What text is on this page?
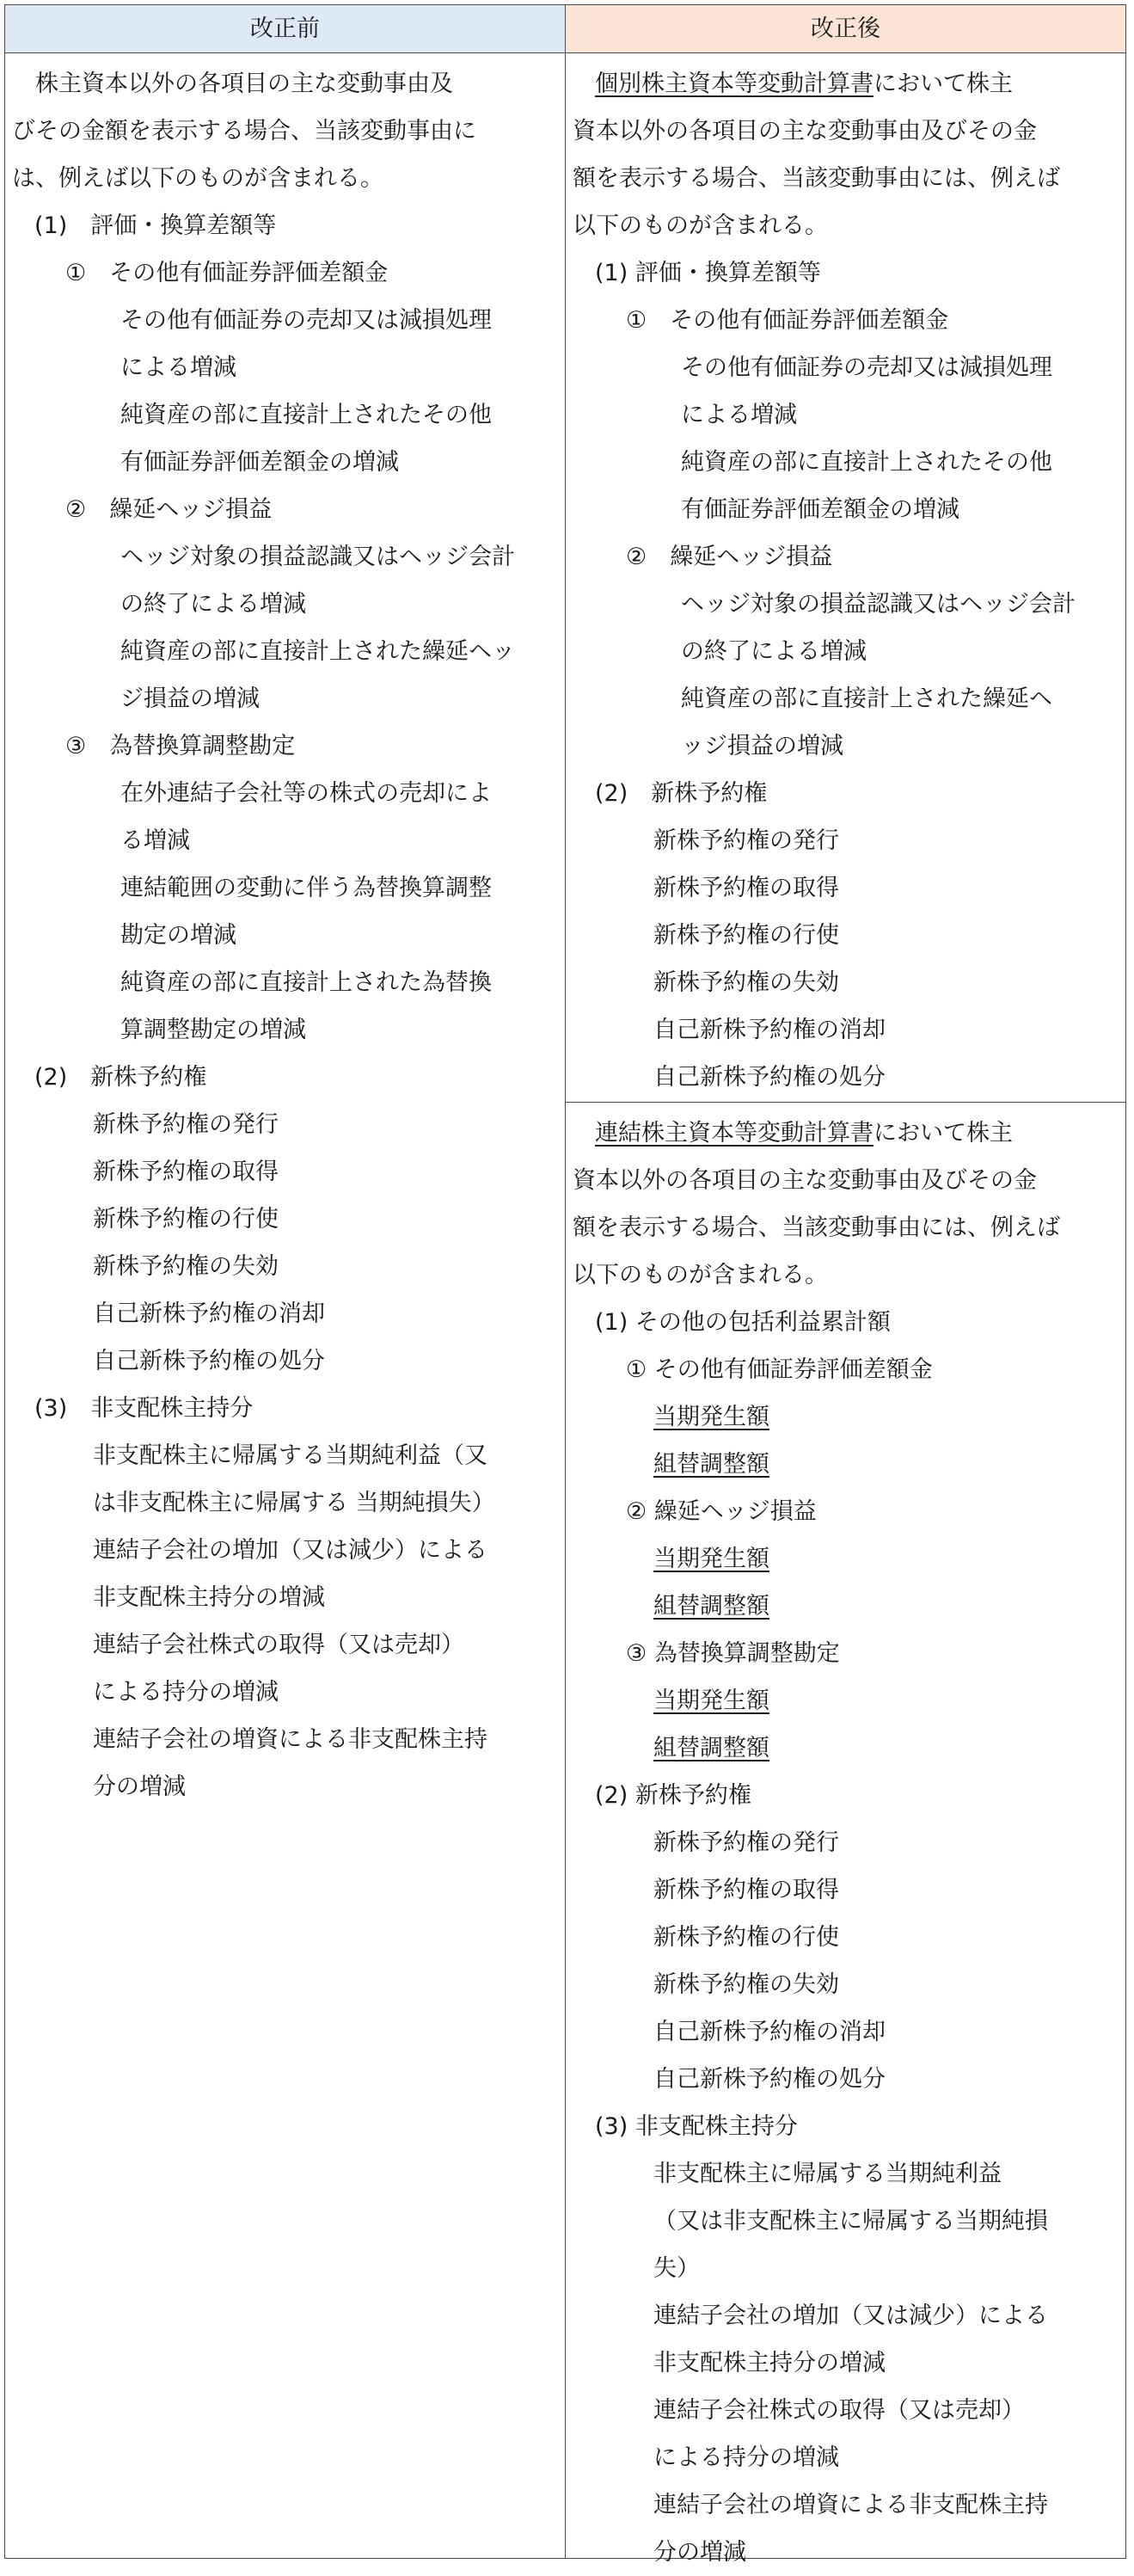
改正前
　株主資本以外の各項目の主な変動事由及
びその金額を表示する場合、当該変動事由に
は、例えば以下のものが含まれる。
(1)　評価・換算差額等
①　その他有価証券評価差額金
その他有価証券の売却又は減損処理
による増減
純資産の部に直接計上されたその他
有価証券評価差額金の増減
②　繰延ヘッジ損益
ヘッジ対象の損益認識又はヘッジ会計
の終了による増減
純資産の部に直接計上された繰延ヘッ
ジ損益の増減
③　為替換算調整勘定
在外連結子会社等の株式の売却によ
る増減
連結範囲の変動に伴う為替換算調整
勘定の増減
純資産の部に直接計上された為替換
算調整勘定の増減
(2)　新株予約権
新株予約権の発行
新株予約権の取得
新株予約権の行使
新株予約権の失効
自己新株予約権の消却
自己新株予約権の処分
(3)　非支配株主持分
非支配株主に帰属する当期純利益（又
は非支配株主に帰属する 当期純損失）
連結子会社の増加（又は減少）による
非支配株主持分の増減
連結子会社株式の取得（又は売却）
による持分の増減
連結子会社の増資による非支配株主持
分の増減
改正後
個別株主資本等変動計算書において株主
資本以外の各項目の主な変動事由及びその金
額を表示する場合、当該変動事由には、例えば
以下のものが含まれる。
(1) 評価・換算差額等
①　その他有価証券評価差額金
その他有価証券の売却又は減損処理
による増減
純資産の部に直接計上されたその他
有価証券評価差額金の増減
②　繰延ヘッジ損益
ヘッジ対象の損益認識又はヘッジ会計
の終了による増減
純資産の部に直接計上された繰延ヘ
ッジ損益の増減
(2)　新株予約権
新株予約権の発行
新株予約権の取得
新株予約権の行使
新株予約権の失効
自己新株予約権の消却
自己新株予約権の処分
連結株主資本等変動計算書において株主
資本以外の各項目の主な変動事由及びその金
額を表示する場合、当該変動事由には、例えば
以下のものが含まれる。
(1) その他の包括利益累計額
① その他有価証券評価差額金
当期発生額
組替調整額
② 繰延ヘッジ損益
当期発生額
組替調整額
③ 為替換算調整勘定
当期発生額
組替調整額
(2) 新株予約権
新株予約権の発行
新株予約権の取得
新株予約権の行使
新株予約権の失効
自己新株予約権の消却
自己新株予約権の処分
(3) 非支配株主持分
非支配株主に帰属する当期純利益
（又は非支配株主に帰属する当期純損
失）
連結子会社の増加（又は減少）による
非支配株主持分の増減
連結子会社株式の取得（又は売却）
による持分の増減
連結子会社の増資による非支配株主持
分の増減
